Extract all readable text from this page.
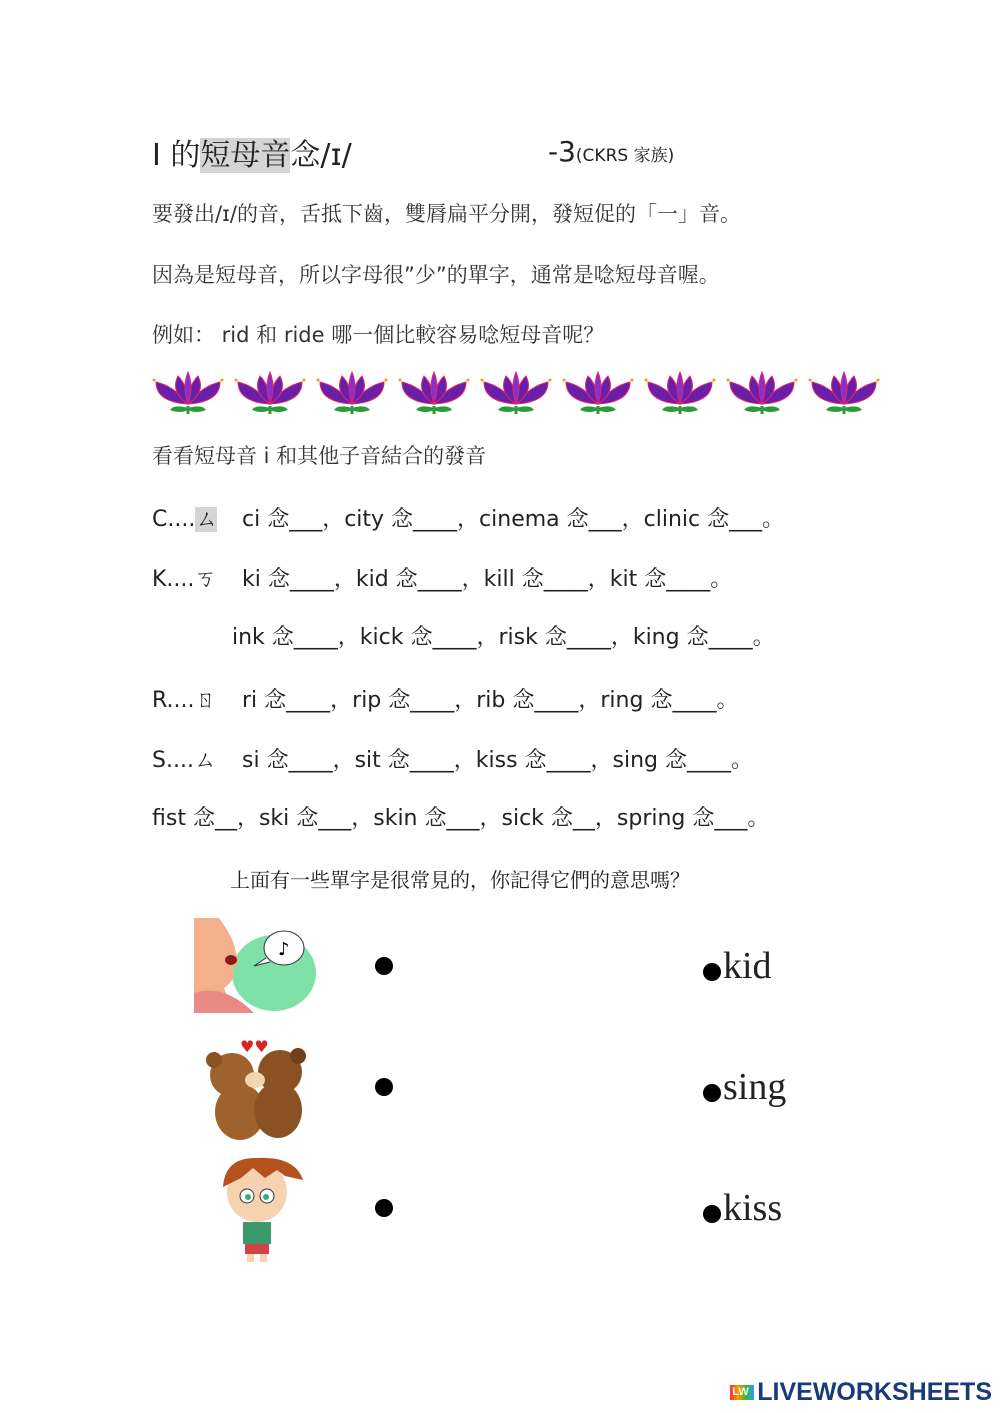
I 的短母音念/ɪ/	-3(CKRS 家族)
要發出/ɪ/的音，舌抵下齒，雙脣扁平分開，發短促的「一」音。
因為是短母音，所以字母很”少”的單字，通常是唸短母音喔。
例如： rid 和 ride 哪一個比較容易唸短母音呢？
看看短母音 i 和其他子音結合的發音
C....ㄙ ci 念___，city 念____，cinema 念___，clinic 念___。
K....ㄎ ki 念____，kid 念____，kill 念____，kit 念____。
ink 念____，kick 念____，risk 念____，king 念____。
R....ㄖ ri 念____，rip 念____，rib 念____，ring 念____。
S....ㄙ si 念____，sit 念____，kiss 念____，sing 念____。
fist 念__，ski 念___，skin 念___，sick 念__，spring 念___。
上面有一些單字是很常見的，你記得它們的意思嗎？
♪
♥♥
kid
sing
kiss
LW LIVEWORKSHEETS
